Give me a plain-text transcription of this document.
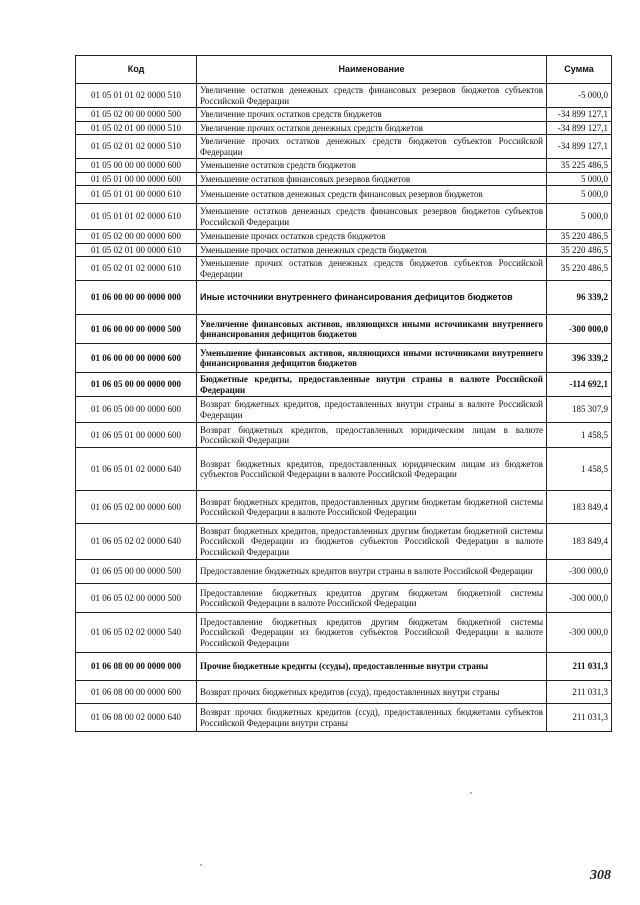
Код	Наименование	Сумма
01 05 01 01 02 0000 510	Увеличение остатков денежных средств финансовых резервов бюджетов субъектов Российской Федерации	-5 000,0
01 05 02 00 00 0000 500	Увеличение прочих остатков средств бюджетов	-34 899 127,1
01 05 02 01 00 0000 510	Увеличение прочих остатков денежных средств бюджетов	-34 899 127,1
01 05 02 01 02 0000 510	Увеличение прочих остатков денежных средств бюджетов субъектов Российской Федерации	-34 899 127,1
01 05 00 00 00 0000 600	Уменьшение остатков средств бюджетов	35 225 486,5
01 05 01 00 00 0000 600	Уменьшение остатков финансовых резервов бюджетов	5 000,0
01 05 01 01 00 0000 610	Уменьшение остатков денежных средств финансовых резервов бюджетов	5 000,0
01 05 01 01 02 0000 610	Уменьшение остатков денежных средств финансовых резервов бюджетов субъектов Российской Федерации	5 000,0
01 05 02 00 00 0000 600	Уменьшение прочих остатков средств бюджетов	35 220 486,5
01 05 02 01 00 0000 610	Уменьшение прочих остатков денежных средств бюджетов	35 220 486,5
01 05 02 01 02 0000 610	Уменьшение прочих остатков денежных средств бюджетов субъектов Российской Федерации	35 220 486,5
01 06 00 00 00 0000 000	Иные источники внутреннего финансирования дефицитов бюджетов	96 339,2
01 06 00 00 00 0000 500	Увеличение финансовых активов, являющихся иными источниками внутреннего финансирования дефицитов бюджетов	-300 000,0
01 06 00 00 00 0000 600	Уменьшение финансовых активов, являющихся иными источниками внутреннего финансирования дефицитов бюджетов	396 339,2
01 06 05 00 00 0000 000	Бюджетные кредиты, предоставленные внутри страны в валюте Российской Федерации	-114 692,1
01 06 05 00 00 0000 600	Возврат бюджетных кредитов, предоставленных внутри страны в валюте Российской Федерации	185 307,9
01 06 05 01 00 0000 600	Возврат бюджетных кредитов, предоставленных юридическим лицам в валюте Российской Федерации	1 458,5
01 06 05 01 02 0000 640	Возврат бюджетных кредитов, предоставленных юридическим лицам из бюджетов субъектов Российской Федерации в валюте Российской Федерации	1 458,5
01 06 05 02 00 0000 600	Возврат бюджетных кредитов, предоставленных другим бюджетам бюджетной системы Российской Федерации в валюте Российской Федерации	183 849,4
01 06 05 02 02 0000 640	Возврат бюджетных кредитов, предоставленных другим бюджетам бюджетной системы Российской Федерации из бюджетов субъектов Российской Федерации в валюте Российской Федерации	183 849,4
01 06 05 00 00 0000 500	Предоставление бюджетных кредитов внутри страны в валюте Российской Федерации	-300 000,0
01 06 05 02 00 0000 500	Предоставление бюджетных кредитов другим бюджетам бюджетной системы Российской Федерации в валюте Российской Федерации	-300 000,0
01 06 05 02 02 0000 540	Предоставление бюджетных кредитов другим бюджетам бюджетной системы Российской Федерации из бюджетов субъектов Российской Федерации в валюте Российской Федерации	-300 000,0
01 06 08 00 00 0000 000	Прочие бюджетные кредиты (ссуды), предоставленные внутри страны	211 031,3
01 06 08 00 00 0000 600	Возврат прочих бюджетных кредитов (ссуд), предоставленных внутри страны	211 031,3
01 06 08 00 02 0000 640	Возврат прочих бюджетных кредитов (ссуд), предоставленных бюджетами субъектов Российской Федерации внутри страны	211 031,3
308
